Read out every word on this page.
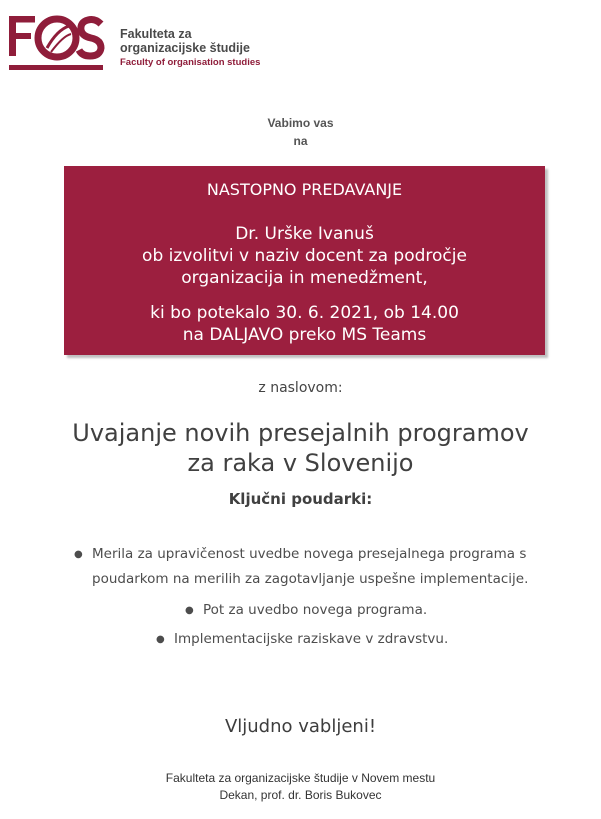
Fakulteta za
organizacijske študije
Faculty of organisation studies
Vabimo vas
na
NASTOPNO PREDAVANJE
Dr. Urške Ivanuš
ob izvolitvi v naziv docent za področje
organizacija in menedžment,
ki bo potekalo 30. 6. 2021, ob 14.00
na DALJAVO preko MS Teams
z naslovom:
Uvajanje novih presejalnih programov
za raka v Slovenijo
Ključni poudarki:
● Merila za upravičenost uvedbe novega presejalnega programa s
poudarkom na merilih za zagotavljanje uspešne implementacije.
● Pot za uvedbo novega programa.
● Implementacijske raziskave v zdravstvu.
Vljudno vabljeni!
Fakulteta za organizacijske študije v Novem mestu
Dekan, prof. dr. Boris Bukovec
